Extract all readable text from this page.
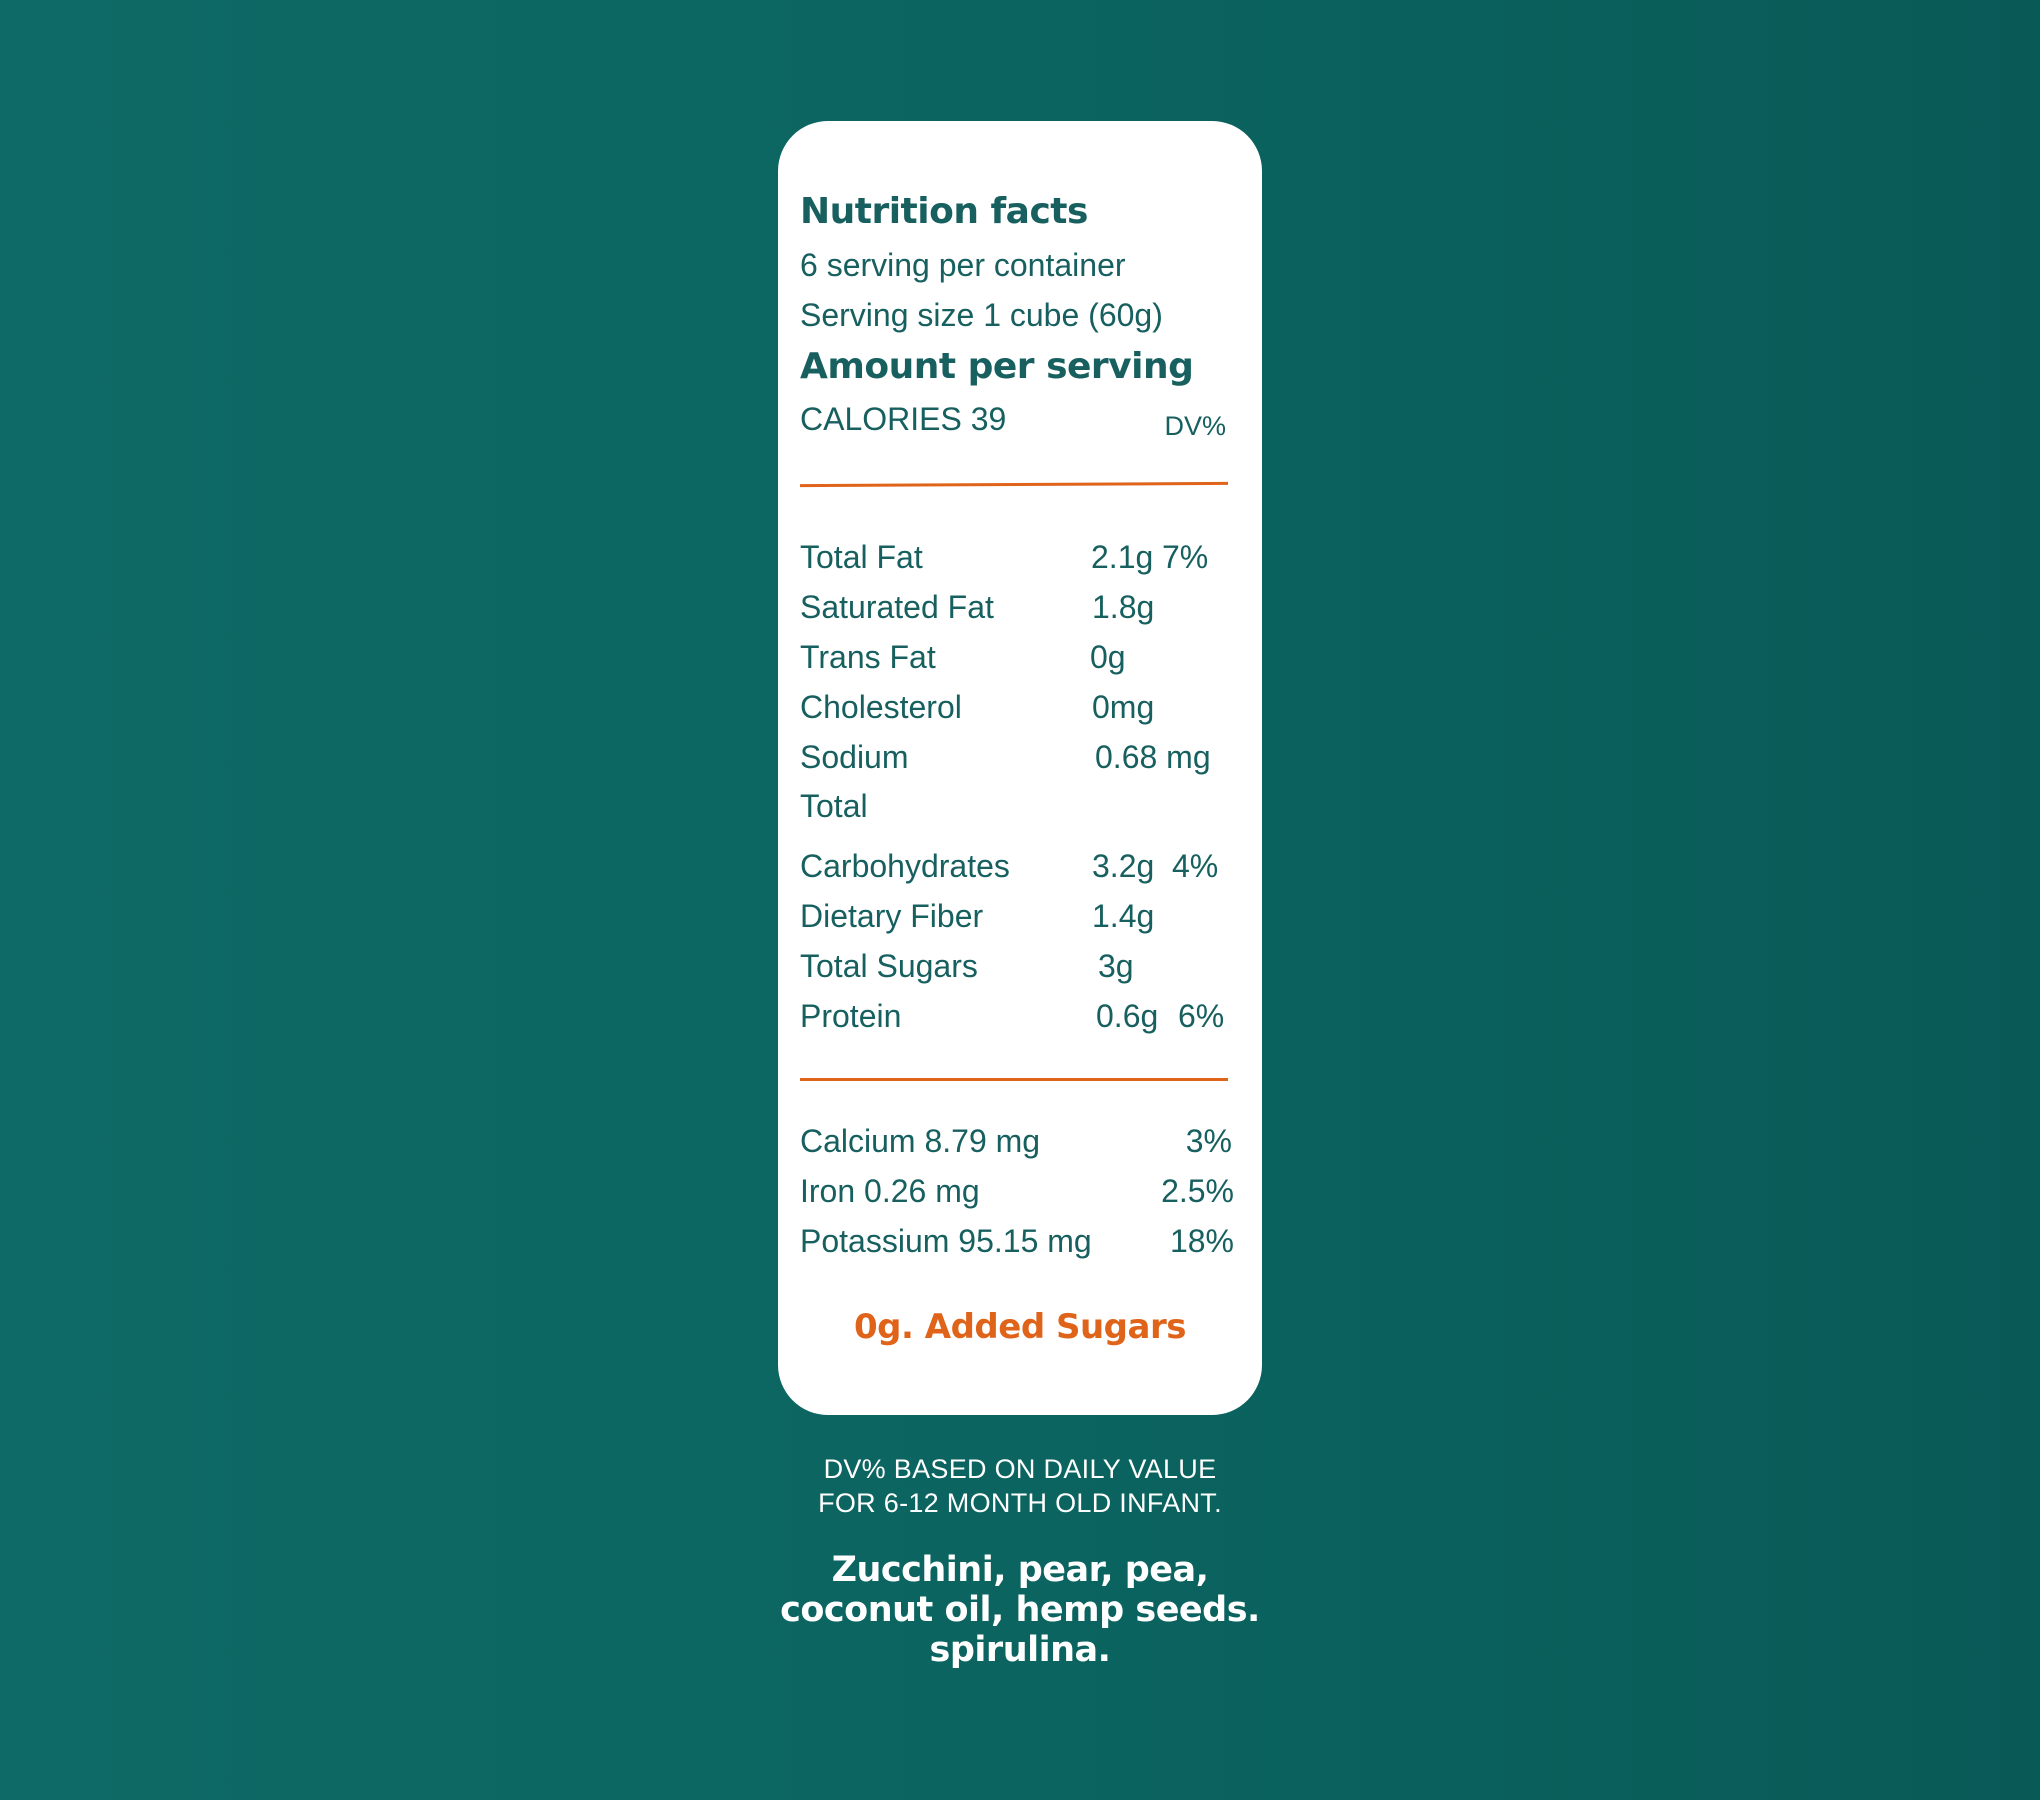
Nutrition facts
6 serving per container
Serving size 1 cube (60g)
Amount per serving
CALORIES 39	DV%
Total Fat	2.1g 7%
Saturated Fat	1.8g
Trans Fat	0g
Cholesterol	0mg
Sodium	0.68 mg
Total
Carbohydrates	3.2g 4%
Dietary Fiber	1.4g
Total Sugars	3g
Protein	0.6g 6%
Calcium 8.79 mg	3%
Iron 0.26 mg	2.5%
Potassium 95.15 mg 18%
0g. Added Sugars
DV% BASED ON DAILY VALUE
FOR 6-12 MONTH OLD INFANT.
Zucchini, pear, pea,
coconut oil, hemp seeds.
spirulina.
